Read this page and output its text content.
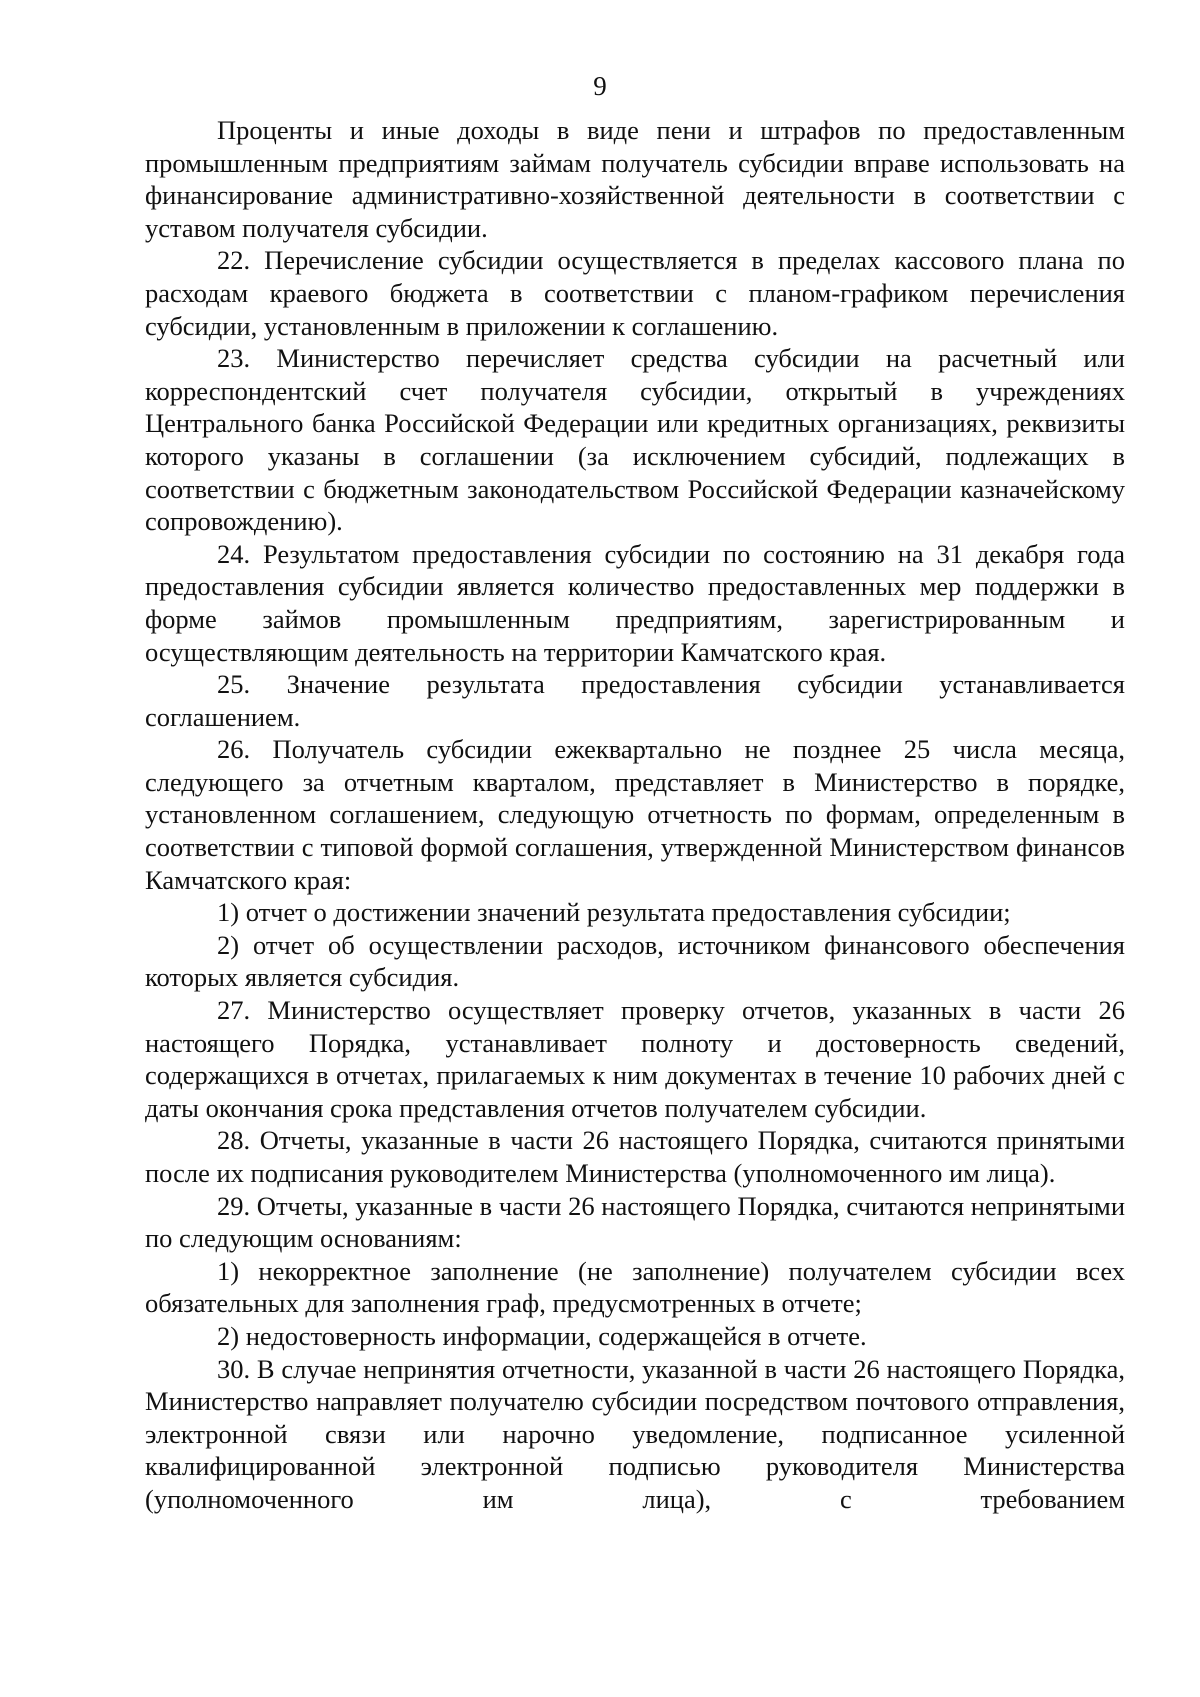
9

Проценты и иные доходы в виде пени и штрафов по предоставленным промышленным предприятиям займам получатель субсидии вправе использовать на финансирование административно-хозяйственной деятельности в соответствии с уставом получателя субсидии.

22. Перечисление субсидии осуществляется в пределах кассового плана по расходам краевого бюджета в соответствии с планом-графиком перечисления субсидии, установленным в приложении к соглашению.

23. Министерство перечисляет средства субсидии на расчетный или корреспондентский счет получателя субсидии, открытый в учреждениях Центрального банка Российской Федерации или кредитных организациях, реквизиты которого указаны в соглашении (за исключением субсидий, подлежащих в соответствии с бюджетным законодательством Российской Федерации казначейскому сопровождению).

24. Результатом предоставления субсидии по состоянию на 31 декабря года предоставления субсидии является количество предоставленных мер поддержки в форме займов промышленным предприятиям, зарегистрированным и осуществляющим деятельность на территории Камчатского края.

25. Значение результата предоставления субсидии устанавливается соглашением.

26. Получатель субсидии ежеквартально не позднее 25 числа месяца, следующего за отчетным кварталом, представляет в Министерство в порядке, установленном соглашением, следующую отчетность по формам, определенным в соответствии с типовой формой соглашения, утвержденной Министерством финансов Камчатского края:

1) отчет о достижении значений результата предоставления субсидии;

2) отчет об осуществлении расходов, источником финансового обеспечения которых является субсидия.

27. Министерство осуществляет проверку отчетов, указанных в части 26 настоящего Порядка, устанавливает полноту и достоверность сведений, содержащихся в отчетах, прилагаемых к ним документах в течение 10 рабочих дней с даты окончания срока представления отчетов получателем субсидии.

28. Отчеты, указанные в части 26 настоящего Порядка, считаются принятыми после их подписания руководителем Министерства (уполномоченного им лица).

29. Отчеты, указанные в части 26 настоящего Порядка, считаются непринятыми по следующим основаниям:

1) некорректное заполнение (не заполнение) получателем субсидии всех обязательных для заполнения граф, предусмотренных в отчете;

2) недостоверность информации, содержащейся в отчете.

30. В случае непринятия отчетности, указанной в части 26 настоящего Порядка, Министерство направляет получателю субсидии посредством почтового отправления, электронной связи или нарочно уведомление, подписанное усиленной квалифицированной электронной подписью руководителя Министерства (уполномоченного им лица), с требованием
